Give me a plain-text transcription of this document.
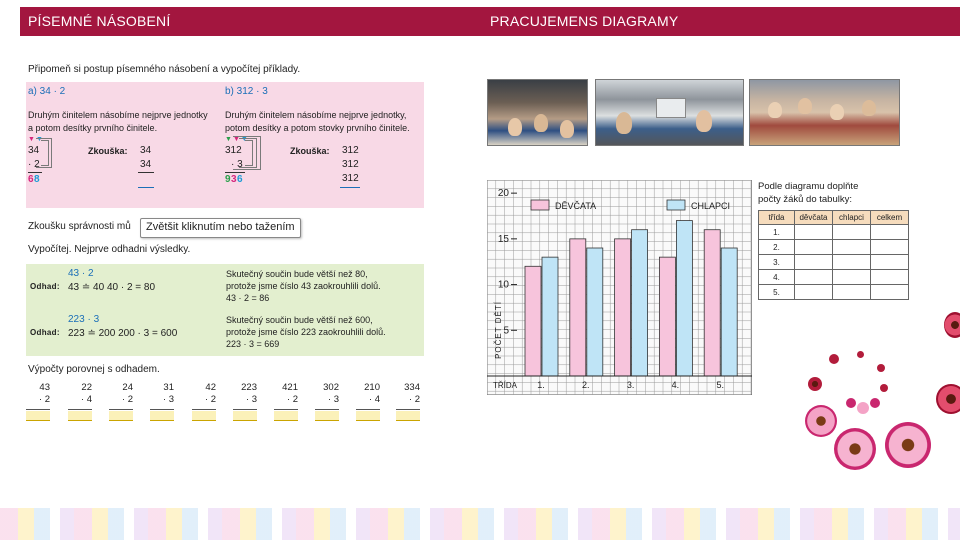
PÍSEMNÉ NÁSOBENÍ	PRACUJEMENS DIAGRAMY
Připomeň si postup písemného násobení a vypočítej příklady.
a) 34 · 2
Druhým činitelem násobíme nejprve jednotky
a potom desítky prvního činitele.
▼▼
34
· 2
6 8
Zkouška: 34
34
b) 312 · 3
Druhým činitelem násobíme nejprve jednotky,
potom desítky a potom stovky prvního činitele.
▼▼▼
312
· 3
9 3 6
Zkouška: 312
312
312
Zkoušku správnosti mů	Zvětšit kliknutím nebo tažením
Vypočítej. Nejprve odhadni výsledky.
Odhad:
43 · 2
43 ≐ 40 40 · 2 = 80
Skutečný součin bude větší než 80,
protože jsme číslo 43 zaokrouhlili dolů.
43 · 2 = 86
Odhad:
223 · 3
223 ≐ 200 200 · 3 = 600
Skutečný součin bude větší než 600,
protože jsme číslo 223 zaokrouhlili dolů.
223 · 3 = 669
Výpočty porovnej s odhadem.
43
· 2
22
· 4
24
· 2
31
· 3
42
· 2
223
· 3
421
· 2
302
· 3
210
· 4
334
· 2
5
10
15
20
POČET DĚTÍ
TŘÍDA 1.	2.	3.	4.	5.
DĚVČATA	CHLAPCI
Podle diagramu doplňte
počty žáků do tabulky:
třída	děvčata	chlapci	celkem
1.			
2.			
3.			
4.			
5.			
